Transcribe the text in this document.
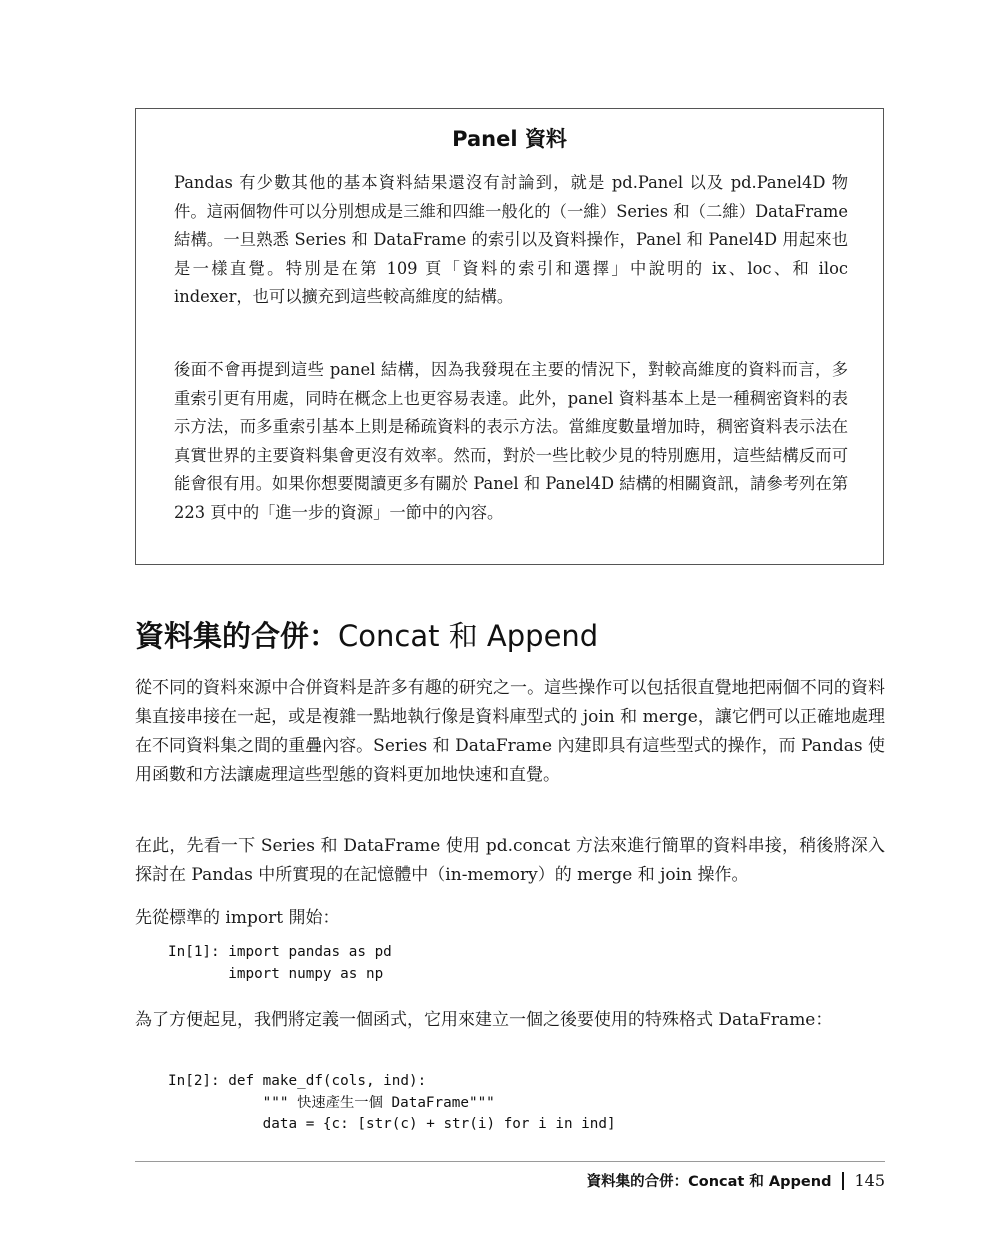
Panel 資料

Pandas 有少數其他的基本資料結果還沒有討論到，就是 pd.Panel 以及 pd.Panel4D 物件。這兩個物件可以分別想成是三維和四維一般化的（一維）Series 和（二維）DataFrame 結構。一旦熟悉 Series 和 DataFrame 的索引以及資料操作，Panel 和 Panel4D 用起來也是一樣直覺。特別是在第 109 頁「資料的索引和選擇」中說明的 ix、loc、和 iloc indexer，也可以擴充到這些較高維度的結構。

後面不會再提到這些 panel 結構，因為我發現在主要的情況下，對較高維度的資料而言，多重索引更有用處，同時在概念上也更容易表達。此外，panel 資料基本上是一種稠密資料的表示方法，而多重索引基本上則是稀疏資料的表示方法。當維度數量增加時，稠密資料表示法在真實世界的主要資料集會更沒有效率。然而，對於一些比較少見的特別應用，這些結構反而可能會很有用。如果你想要閱讀更多有關於 Panel 和 Panel4D 結構的相關資訊，請參考列在第 223 頁中的「進一步的資源」一節中的內容。

資料集的合併：Concat 和 Append

從不同的資料來源中合併資料是許多有趣的研究之一。這些操作可以包括很直覺地把兩個不同的資料集直接串接在一起，或是複雜一點地執行像是資料庫型式的 join 和 merge，讓它們可以正確地處理在不同資料集之間的重疊內容。Series 和 DataFrame 內建即具有這些型式的操作，而 Pandas 使用函數和方法讓處理這些型態的資料更加地快速和直覺。

在此，先看一下 Series 和 DataFrame 使用 pd.concat 方法來進行簡單的資料串接，稍後將深入探討在 Pandas 中所實現的在記憶體中（in-memory）的 merge 和 join 操作。

先從標準的 import 開始：

In[1]: import pandas as pd
import numpy as np

為了方便起見，我們將定義一個函式，它用來建立一個之後要使用的特殊格式 DataFrame：

In[2]: def make_df(cols, ind):
""" 快速產生一個 DataFrame"""
data = {c: [str(c) + str(i) for i in ind]
資料集的合併：Concat 和 Append 145
